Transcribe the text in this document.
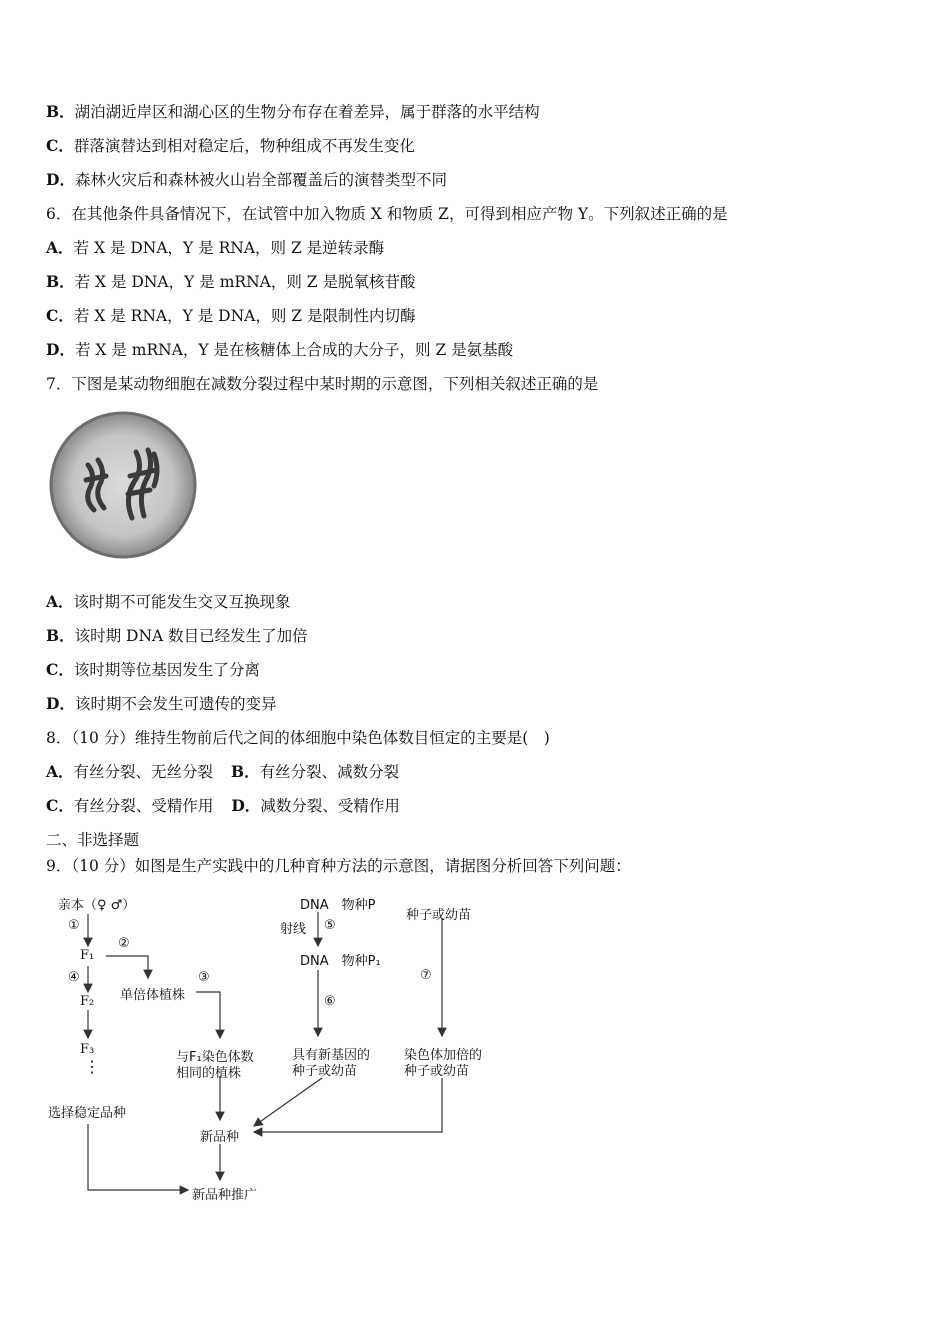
B．湖泊湖近岸区和湖心区的生物分布存在着差异，属于群落的水平结构
C．群落演替达到相对稳定后，物种组成不再发生变化
D．森林火灾后和森林被火山岩全部覆盖后的演替类型不同
6．在其他条件具备情况下，在试管中加入物质 X 和物质 Z，可得到相应产物 Y。下列叙述正确的是
A．若 X 是 DNA，Y 是 RNA，则 Z 是逆转录酶
B．若 X 是 DNA，Y 是 mRNA，则 Z 是脱氧核苷酸
C．若 X 是 RNA，Y 是 DNA，则 Z 是限制性内切酶
D．若 X 是 mRNA，Y 是在核糖体上合成的大分子，则 Z 是氨基酸
7．下图是某动物细胞在减数分裂过程中某时期的示意图，下列相关叙述正确的是
A．该时期不可能发生交叉互换现象
B．该时期 DNA 数目已经发生了加倍
C．该时期等位基因发生了分离
D．该时期不会发生可遗传的变异
8．（10 分）维持生物前后代之间的体细胞中染色体数目恒定的主要是(　)
A．有丝分裂、无丝分裂 B．有丝分裂、减数分裂
C．有丝分裂、受精作用 D．减数分裂、受精作用
二、非选择题
9．（10 分）如图是生产实践中的几种育种方法的示意图，请据图分析回答下列问题：
亲本（♀ ♂）
①
F₁
②
④	③
单倍体植株
F₂
F₃
⋮
选择稳定品种
与F₁染色体数
相同的植株
新品种
新品种推广
DNA　物种P
射线 ⑤
DNA　物种P₁
⑥
具有新基因的
种子或幼苗
种子或幼苗
⑦
染色体加倍的
种子或幼苗
